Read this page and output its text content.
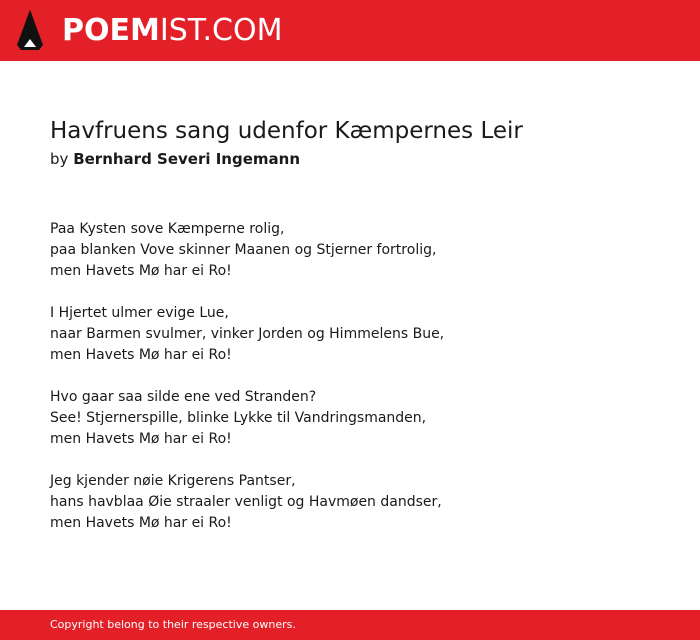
POEMIST.COM
Havfruens sang udenfor Kæmpernes Leir
by Bernhard Severi Ingemann
Paa Kysten sove Kæmperne rolig,
paa blanken Vove skinner Maanen og Stjerner fortrolig,
men Havets Mø har ei Ro!
I Hjertet ulmer evige Lue,
naar Barmen svulmer, vinker Jorden og Himmelens Bue,
men Havets Mø har ei Ro!
Hvo gaar saa silde ene ved Stranden?
See! Stjernerspille, blinke Lykke til Vandringsmanden,
men Havets Mø har ei Ro!
Jeg kjender nøie Krigerens Pantser,
hans havblaa Øie straaler venligt og Havmøen dandser,
men Havets Mø har ei Ro!
Copyright belong to their respective owners.
